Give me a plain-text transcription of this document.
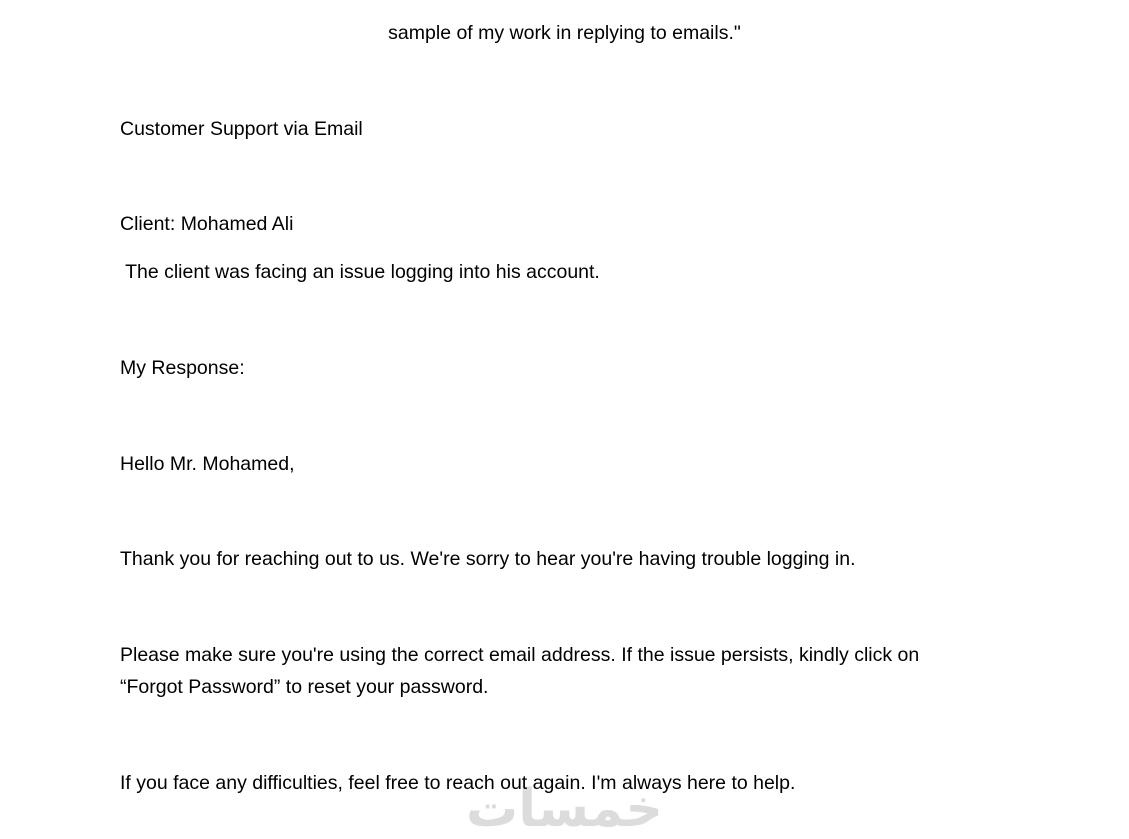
خمسات
sample of my work in replying to emails."
Customer Support via Email
Client: Mohamed Ali
The client was facing an issue logging into his account.
My Response:
Hello Mr. Mohamed,
Thank you for reaching out to us. We're sorry to hear you're having trouble logging in.
Please make sure you're using the correct email address. If the issue persists, kindly click on
“Forgot Password” to reset your password.
If you face any difficulties, feel free to reach out again. I'm always here to help.
